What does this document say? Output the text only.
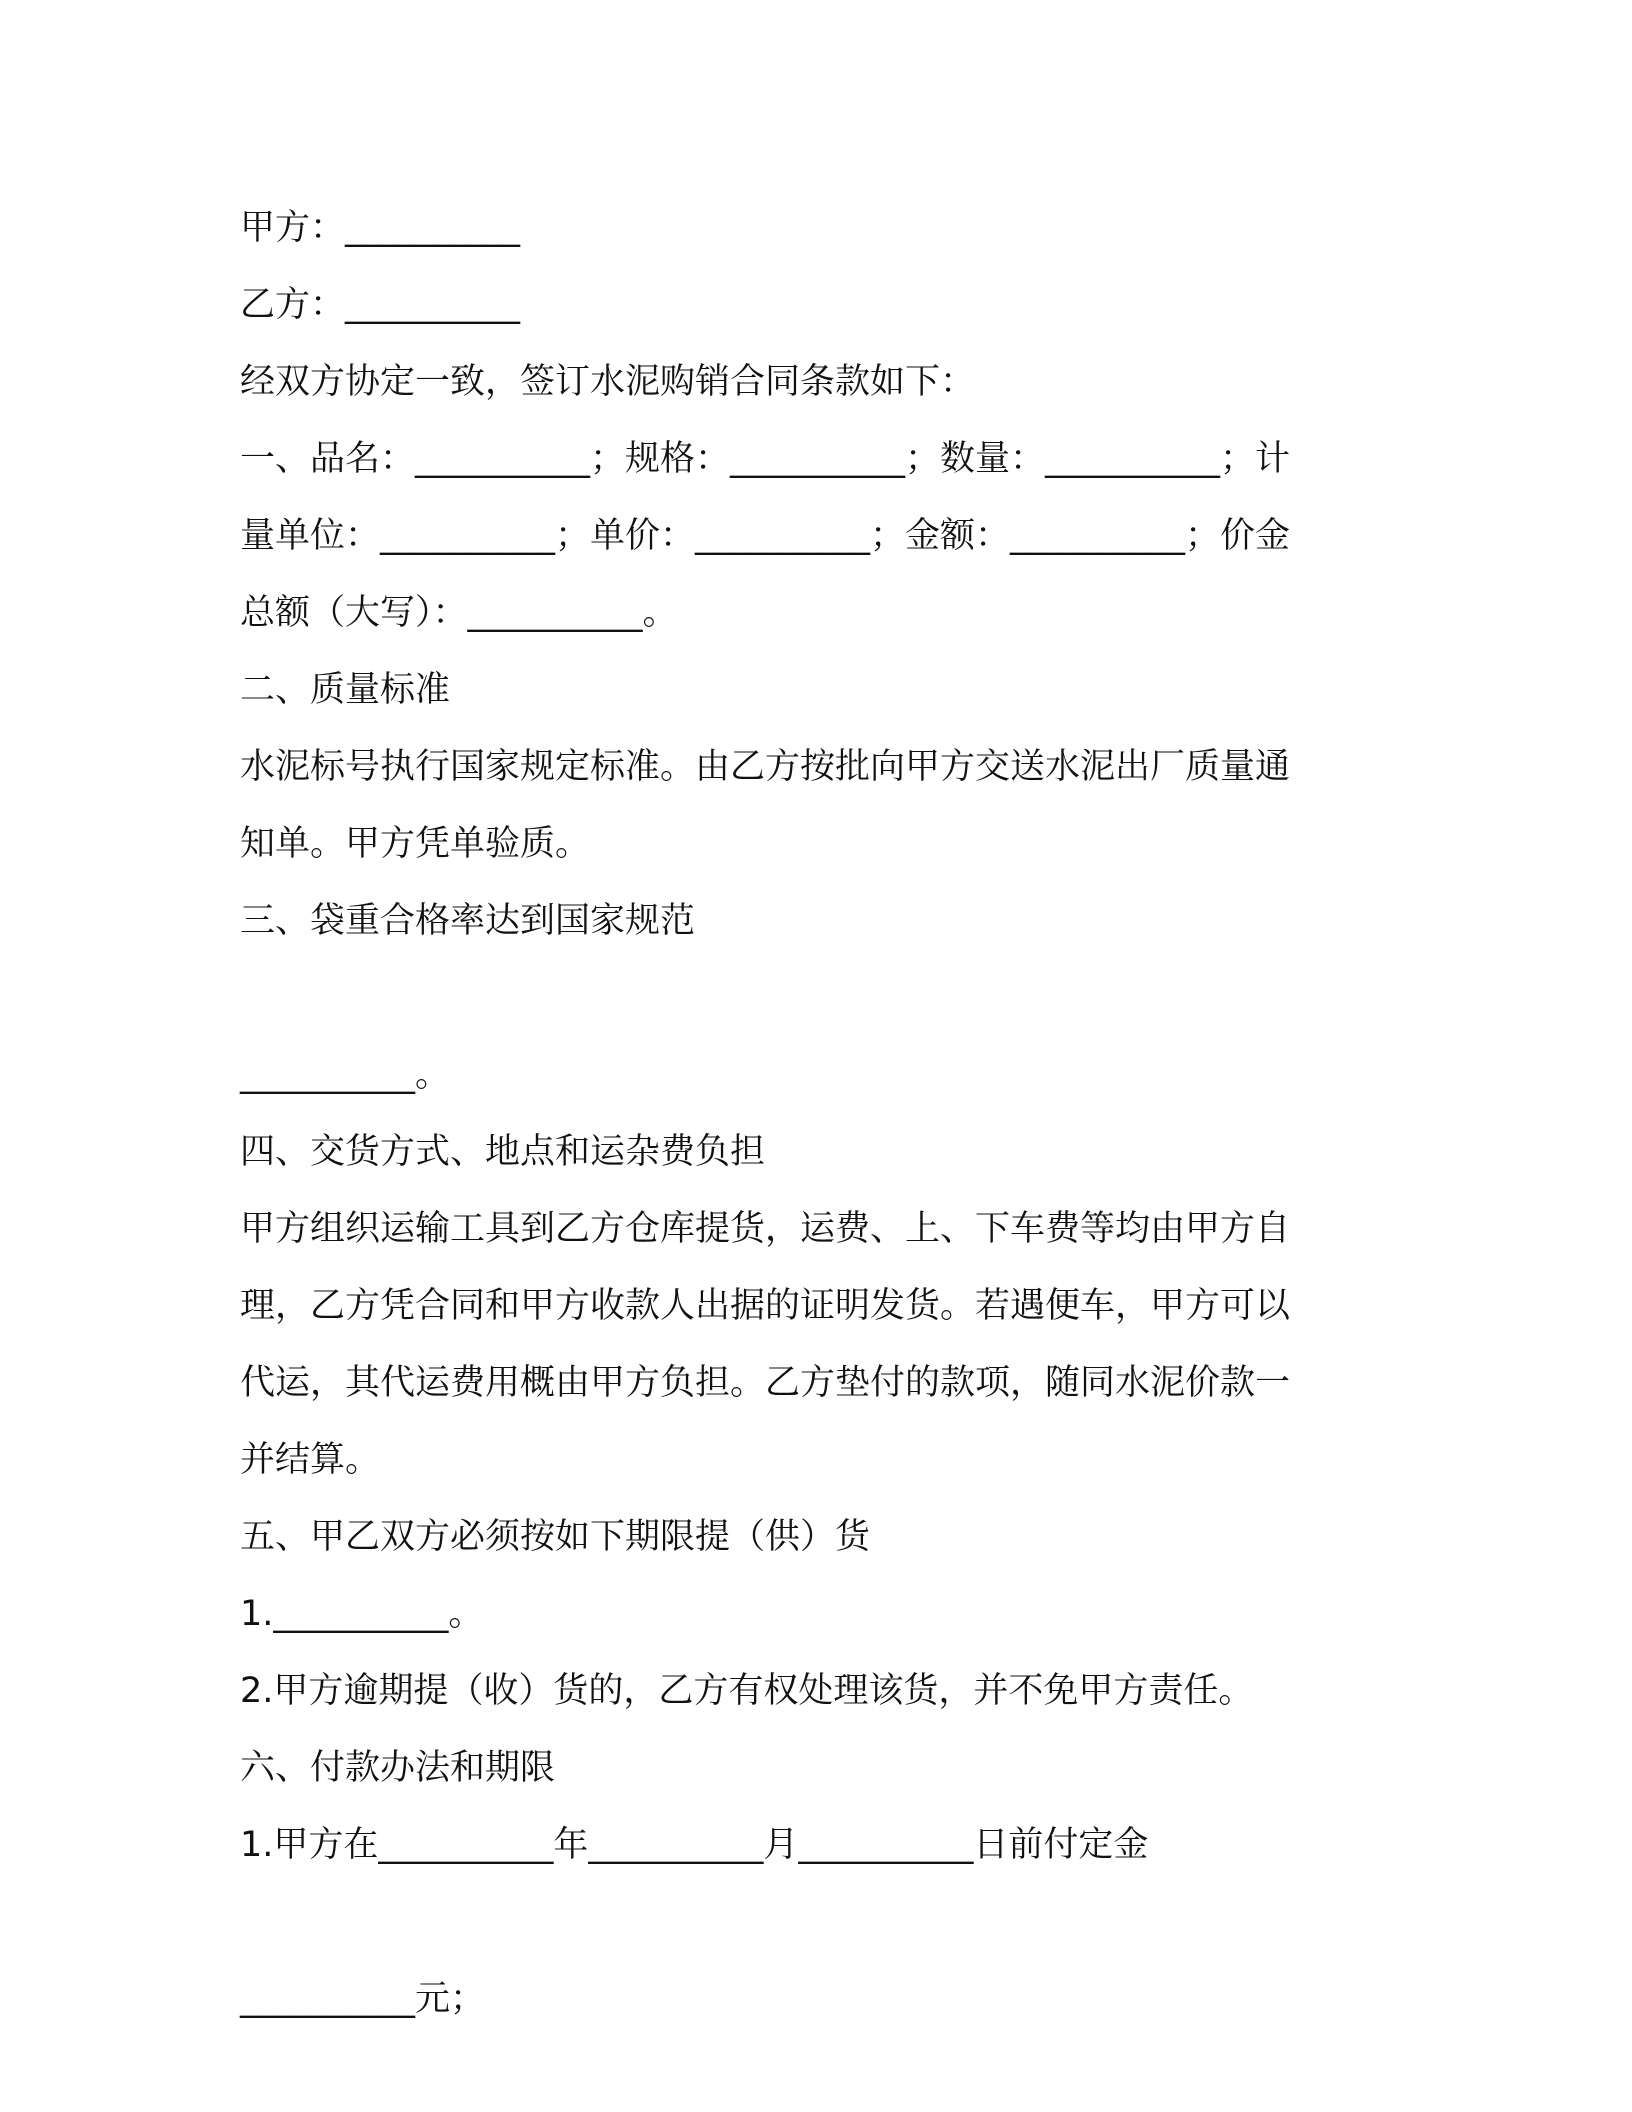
甲方：__________

乙方：__________

经双方协定一致，签订水泥购销合同条款如下：

一、品名：__________；规格：__________；数量：__________；计

量单位：__________；单价：__________；金额：__________；价金

总额（大写）：__________。

二、质量标准

水泥标号执行国家规定标准。由乙方按批向甲方交送水泥出厂质量通

知单。甲方凭单验质。

三、袋重合格率达到国家规范

__________。

四、交货方式、地点和运杂费负担

甲方组织运输工具到乙方仓库提货，运费、上、下车费等均由甲方自

理，乙方凭合同和甲方收款人出据的证明发货。若遇便车，甲方可以

代运，其代运费用概由甲方负担。乙方垫付的款项，随同水泥价款一

并结算。

五、甲乙双方必须按如下期限提（供）货

1.__________。

2.甲方逾期提（收）货的，乙方有权处理该货，并不免甲方责任。

六、付款办法和期限

1.甲方在__________年__________月__________日前付定金

__________元；
